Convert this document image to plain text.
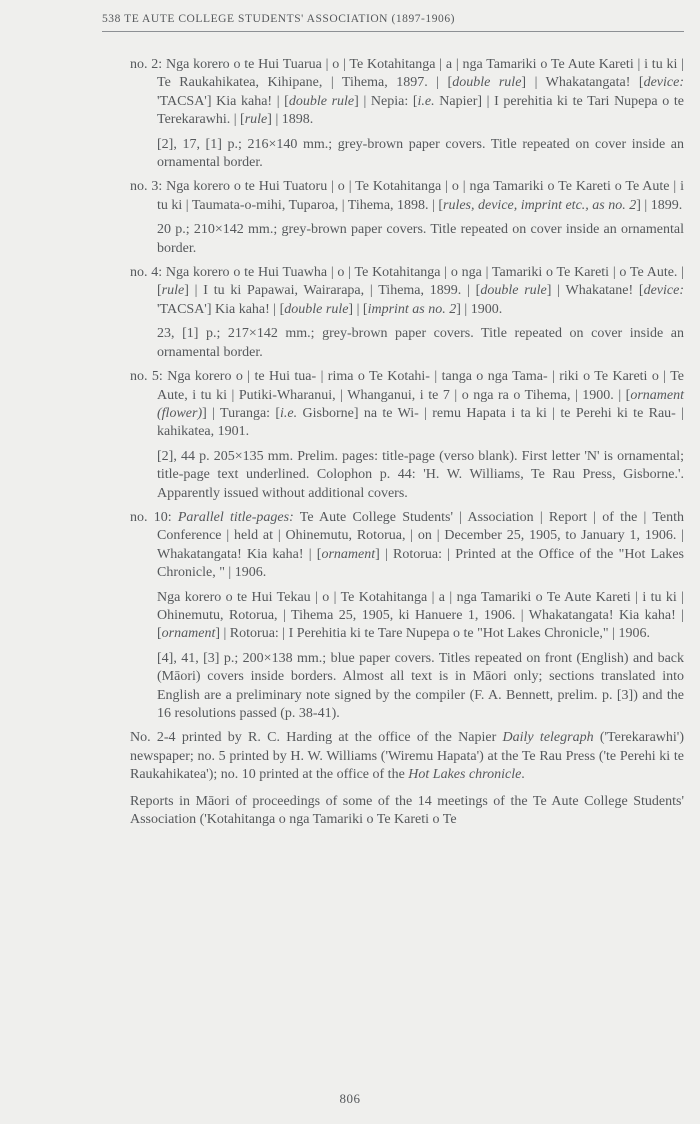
538 TE AUTE COLLEGE STUDENTS' ASSOCIATION (1897-1906)

no. 2: Nga korero o te Hui Tuarua | o | Te Kotahitanga | a | nga Tamariki o Te Aute Kareti | i tu ki | Te Raukahikatea, Kihipane, | Tihema, 1897. | [double rule] | Whakatangata! [device: 'TACSA'] Kia kaha! | [double rule] | Nepia: [i.e. Napier] | I perehitia ki te Tari Nupepa o te Terekarawhi. | [rule] | 1898.

[2], 17, [1] p.; 216×140 mm.; grey-brown paper covers. Title repeated on cover inside an ornamental border.

no. 3: Nga korero o te Hui Tuatoru | o | Te Kotahitanga | o | nga Tamariki o Te Kareti o Te Aute | i tu ki | Taumata-o-mihi, Tuparoa, | Tihema, 1898. | [rules, device, imprint etc., as no. 2] | 1899.

20 p.; 210×142 mm.; grey-brown paper covers. Title repeated on cover inside an ornamental border.

no. 4: Nga korero o te Hui Tuawha | o | Te Kotahitanga | o nga | Tamariki o Te Kareti | o Te Aute. | [rule] | I tu ki Papawai, Wairarapa, | Tihema, 1899. | [double rule] | Whakatane! [device: 'TACSA'] Kia kaha! | [double rule] | [imprint as no. 2] | 1900.

23, [1] p.; 217×142 mm.; grey-brown paper covers. Title repeated on cover inside an ornamental border.

no. 5: Nga korero o | te Hui tua- | rima o Te Kotahi- | tanga o nga Tama- | riki o Te Kareti o | Te Aute, i tu ki | Putiki-Wharanui, | Whanganui, i te 7 | o nga ra o Tihema, | 1900. | [ornament (flower)] | Turanga: [i.e. Gisborne] na te Wi- | remu Hapata i ta ki | te Perehi ki te Rau- | kahikatea, 1901.

[2], 44 p. 205×135 mm. Prelim. pages: title-page (verso blank). First letter 'N' is ornamental; title-page text underlined. Colophon p. 44: 'H. W. Williams, Te Rau Press, Gisborne.'. Apparently issued without additional covers.

no. 10: Parallel title-pages: Te Aute College Students' | Association | Report | of the | Tenth Conference | held at | Ohinemutu, Rotorua, | on | December 25, 1905, to January 1, 1906. | Whakatangata! Kia kaha! | [ornament] | Rotorua: | Printed at the Office of the "Hot Lakes Chronicle, " | 1906.

Nga korero o te Hui Tekau | o | Te Kotahitanga | a | nga Tamariki o Te Aute Kareti | i tu ki | Ohinemutu, Rotorua, | Tihema 25, 1905, ki Hanuere 1, 1906. | Whakatangata! Kia kaha! | [ornament] | Rotorua: | I Perehitia ki te Tare Nupepa o te "Hot Lakes Chronicle," | 1906.

[4], 41, [3] p.; 200×138 mm.; blue paper covers. Titles repeated on front (English) and back (Māori) covers inside borders. Almost all text is in Māori only; sections translated into English are a preliminary note signed by the compiler (F. A. Bennett, prelim. p. [3]) and the 16 resolutions passed (p. 38-41).

No. 2-4 printed by R. C. Harding at the office of the Napier Daily telegraph ('Terekarawhi') newspaper; no. 5 printed by H. W. Williams ('Wiremu Hapata') at the Te Rau Press ('te Perehi ki te Raukahikatea'); no. 10 printed at the office of the Hot Lakes chronicle.

Reports in Māori of proceedings of some of the 14 meetings of the Te Aute College Students' Association ('Kotahitanga o nga Tamariki o Te Kareti o Te

806
